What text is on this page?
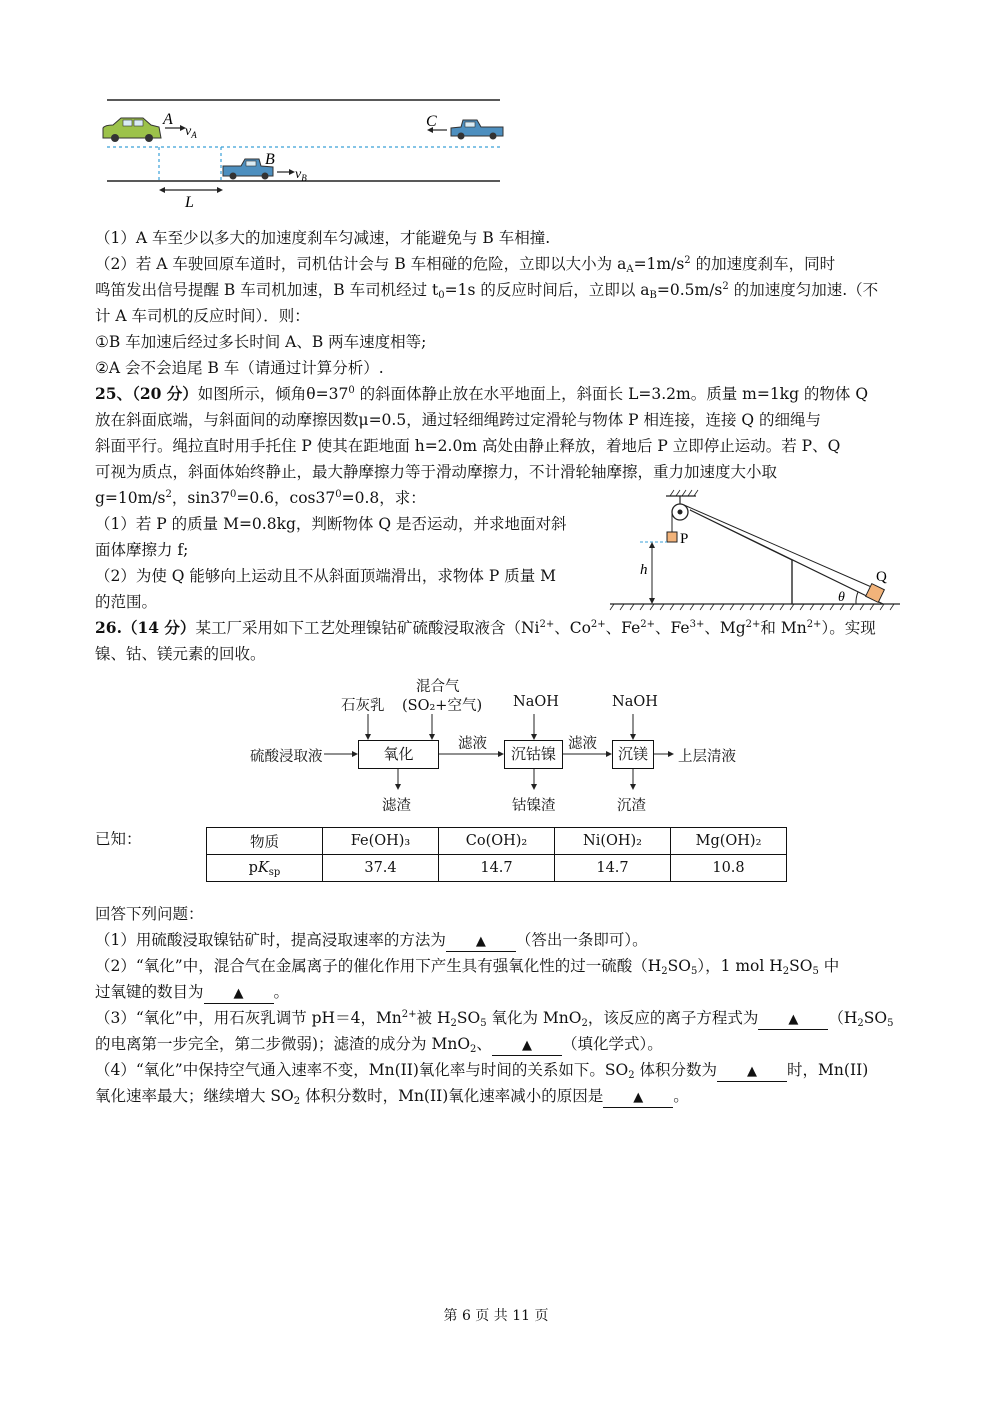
A
$v_A$
B
$v_B$
C
L
（1）A 车至少以多大的加速度刹车匀减速，才能避免与 B 车相撞.
（2）若 A 车驶回原车道时，司机估计会与 B 车相碰的危险，立即以大小为 $a_A=1m/s^2$ 的加速度刹车，同时
鸣笛发出信号提醒 B 车司机加速，B 车司机经过 $t_0=1s$ 的反应时间后，立即以 $a_B=0.5m/s^2$ 的加速度匀加速.（不
计 A 车司机的反应时间）．则：
①B 车加速后经过多长时间 A、B 两车速度相等;
②A 会不会追尾 B 车（请通过计算分析）.
25、（20 分）如图所示，倾角$\theta=37^0$ 的斜面体静止放在水平地面上，斜面长 L=3.2m。质量 m=1kg 的物体 Q
放在斜面底端，与斜面间的动摩擦因数μ=0.5，通过轻细绳跨过定滑轮与物体 P 相连接，连接 Q 的细绳与
斜面平行。绳拉直时用手托住 P 使其在距地面 h=2.0m 高处由静止释放，着地后 P 立即停止运动。若 P、Q
可视为质点，斜面体始终静止，最大静摩擦力等于滑动摩擦力，不计滑轮轴摩擦，重力加速度大小取
$g=10m/s^2$，$\sin 37^0=0.6$，$\cos 37^0=0.8$，求：
（1）若 P 的质量 M=0.8kg，判断物体 Q 是否运动，并求地面对斜
面体摩擦力 f;
（2）为使 Q 能够向上运动且不从斜面顶端滑出，求物体 P 质量 M
的范围。
P
h
θ
Q
26.（14 分）某工厂采用如下工艺处理镍钴矿硫酸浸取液含（$Ni^{2+}$、$Co^{2+}$、$Fe^{2+}$、$Fe^{3+}$、$Mg^{2+}$和 $Mn^{2+}$）。实现
镍、钴、镁元素的回收。
硫酸浸取液
石灰乳
混合气
(SO₂+空气) NaOH	NaOH
氧化	沉钴镍	沉镁
滤液	滤液
上层清液
滤渣	钴镍渣	沉渣
已知：	物质	Fe(OH)₃	Co(OH)₂	Ni(OH)₂	Mg(OH)₂
$pK_{sp}$	37.4	14.7	14.7	10.8
回答下列问题：
（1）用硫酸浸取镍钴矿时，提高浸取速率的方法为 ▲ （答出一条即可）。
（2）“氧化”中，混合气在金属离子的催化作用下产生具有强氧化性的过一硫酸$(H_2SO_5)$，1 mol $H_2SO_5$ 中
过氧键的数目为 ▲ 。
（3）“氧化”中，用石灰乳调节 pH＝4，$Mn^{2+}$被 $H_2SO_5$ 氧化为 MnO$_2$，该反应的离子方程式为 ▲ （$H_2SO_5$
的电离第一步完全，第二步微弱)；滤渣的成分为 MnO$_2$、 ▲ （填化学式）。
（4）“氧化”中保持空气通入速率不变，Mn(II)氧化率与时间的关系如下。$SO_2$ 体积分数为 ▲ 时，Mn(II)
氧化速率最大；继续增大 $SO_2$ 体积分数时，Mn(II)氧化速率减小的原因是 ▲ 。
第 6 页 共 11 页
